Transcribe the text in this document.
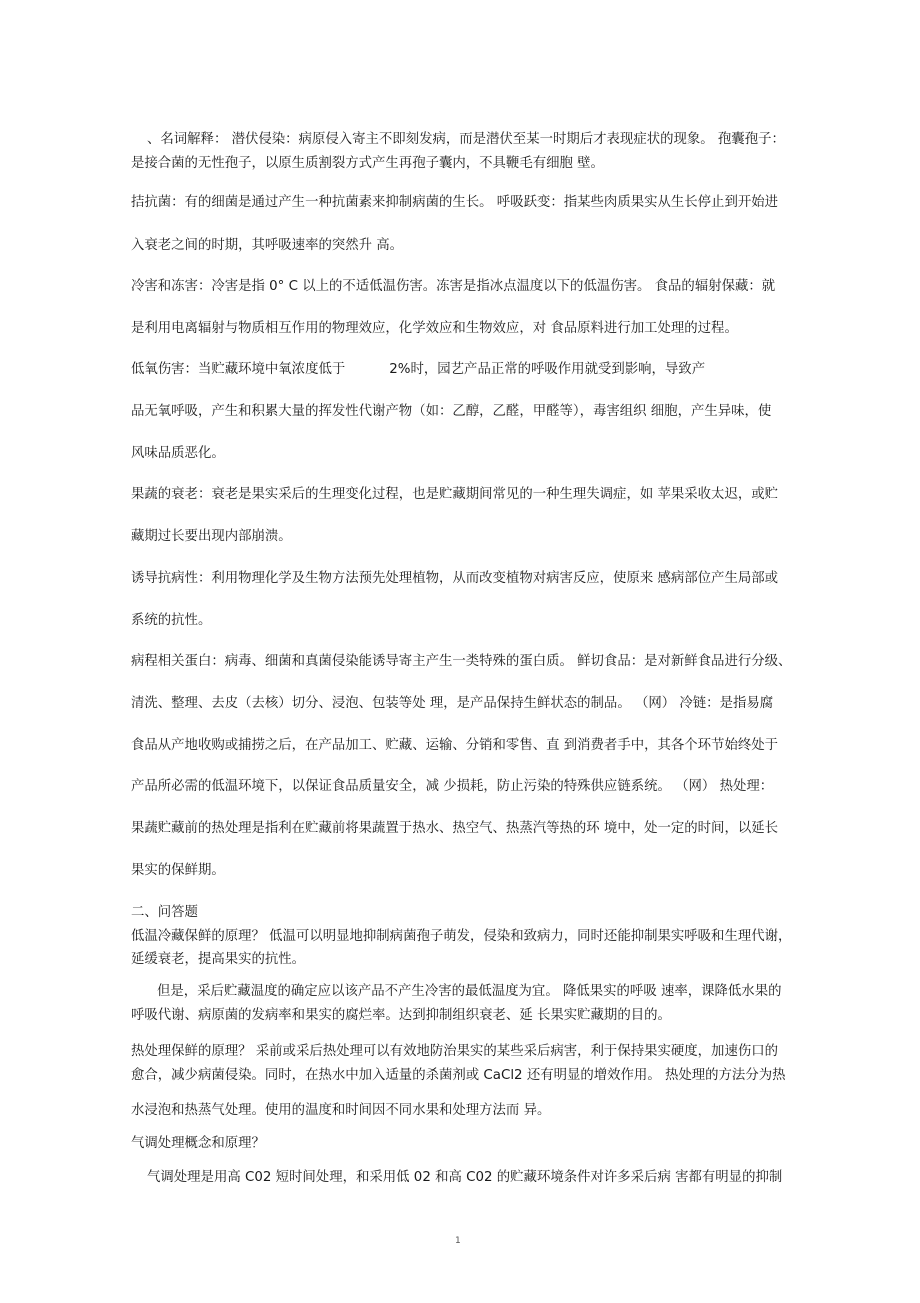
、名词解释： 潜伏侵染：病原侵入寄主不即刻发病，而是潜伏至某一时期后才表现症状的现象。 孢囊孢子：
是接合菌的无性孢子，以原生质割裂方式产生再孢子囊内，不具鞭毛有细胞 壁。
拮抗菌：有的细菌是通过产生一种抗菌素来抑制病菌的生长。 呼吸跃变：指某些肉质果实从生长停止到开始进
入衰老之间的时期，其呼吸速率的突然升 高。
冷害和冻害：冷害是指 0° C 以上的不适低温伤害。冻害是指冰点温度以下的低温伤害。 食品的辐射保藏：就
是利用电离辐射与物质相互作用的物理效应，化学效应和生物效应，对 食品原料进行加工处理的过程。
低氧伤害：当贮藏环境中氧浓度低于	2%时，园艺产品正常的呼吸作用就受到影响，导致产
品无氧呼吸，产生和积累大量的挥发性代谢产物（如：乙醇，乙醛，甲醛等），毒害组织 细胞，产生异味，使
风味品质恶化。
果蔬的衰老：衰老是果实采后的生理变化过程，也是贮藏期间常见的一种生理失调症，如 苹果采收太迟，或贮
藏期过长要出现内部崩溃。
诱导抗病性：利用物理化学及生物方法预先处理植物，从而改变植物对病害反应，使原来 感病部位产生局部或
系统的抗性。
病程相关蛋白：病毒、细菌和真菌侵染能诱导寄主产生一类特殊的蛋白质。 鲜切食品：是对新鲜食品进行分级、
清洗、整理、去皮（去核）切分、浸泡、包装等处 理，是产品保持生鲜状态的制品。 （网） 冷链：是指易腐
食品从产地收购或捕捞之后，在产品加工、贮藏、运输、分销和零售、直 到消费者手中，其各个环节始终处于
产品所必需的低温环境下，以保证食品质量安全，减 少损耗，防止污染的特殊供应链系统。 （网） 热处理：
果蔬贮藏前的热处理是指利在贮藏前将果蔬置于热水、热空气、热蒸汽等热的环 境中，处一定的时间，以延长
果实的保鲜期。
二、问答题
低温冷藏保鲜的原理？ 低温可以明显地抑制病菌孢子萌发，侵染和致病力，同时还能抑制果实呼吸和生理代谢，
延缓衰老，提高果实的抗性。
但是，采后贮藏温度的确定应以该产品不产生冷害的最低温度为宜。 降低果实的呼吸 速率，课降低水果的
呼吸代谢、病原菌的发病率和果实的腐烂率。达到抑制组织衰老、延 长果实贮藏期的目的。
热处理保鲜的原理？ 采前或采后热处理可以有效地防治果实的某些采后病害，利于保持果实硬度，加速伤口的
愈合，减少病菌侵染。同时，在热水中加入适量的杀菌剂或 CaCl2 还有明显的增效作用。 热处理的方法分为热
水浸泡和热蒸气处理。使用的温度和时间因不同水果和处理方法而 异。
气调处理概念和原理？
气调处理是用高 C02 短时间处理，和采用低 02 和高 C02 的贮藏环境条件对许多采后病 害都有明显的抑制
1
